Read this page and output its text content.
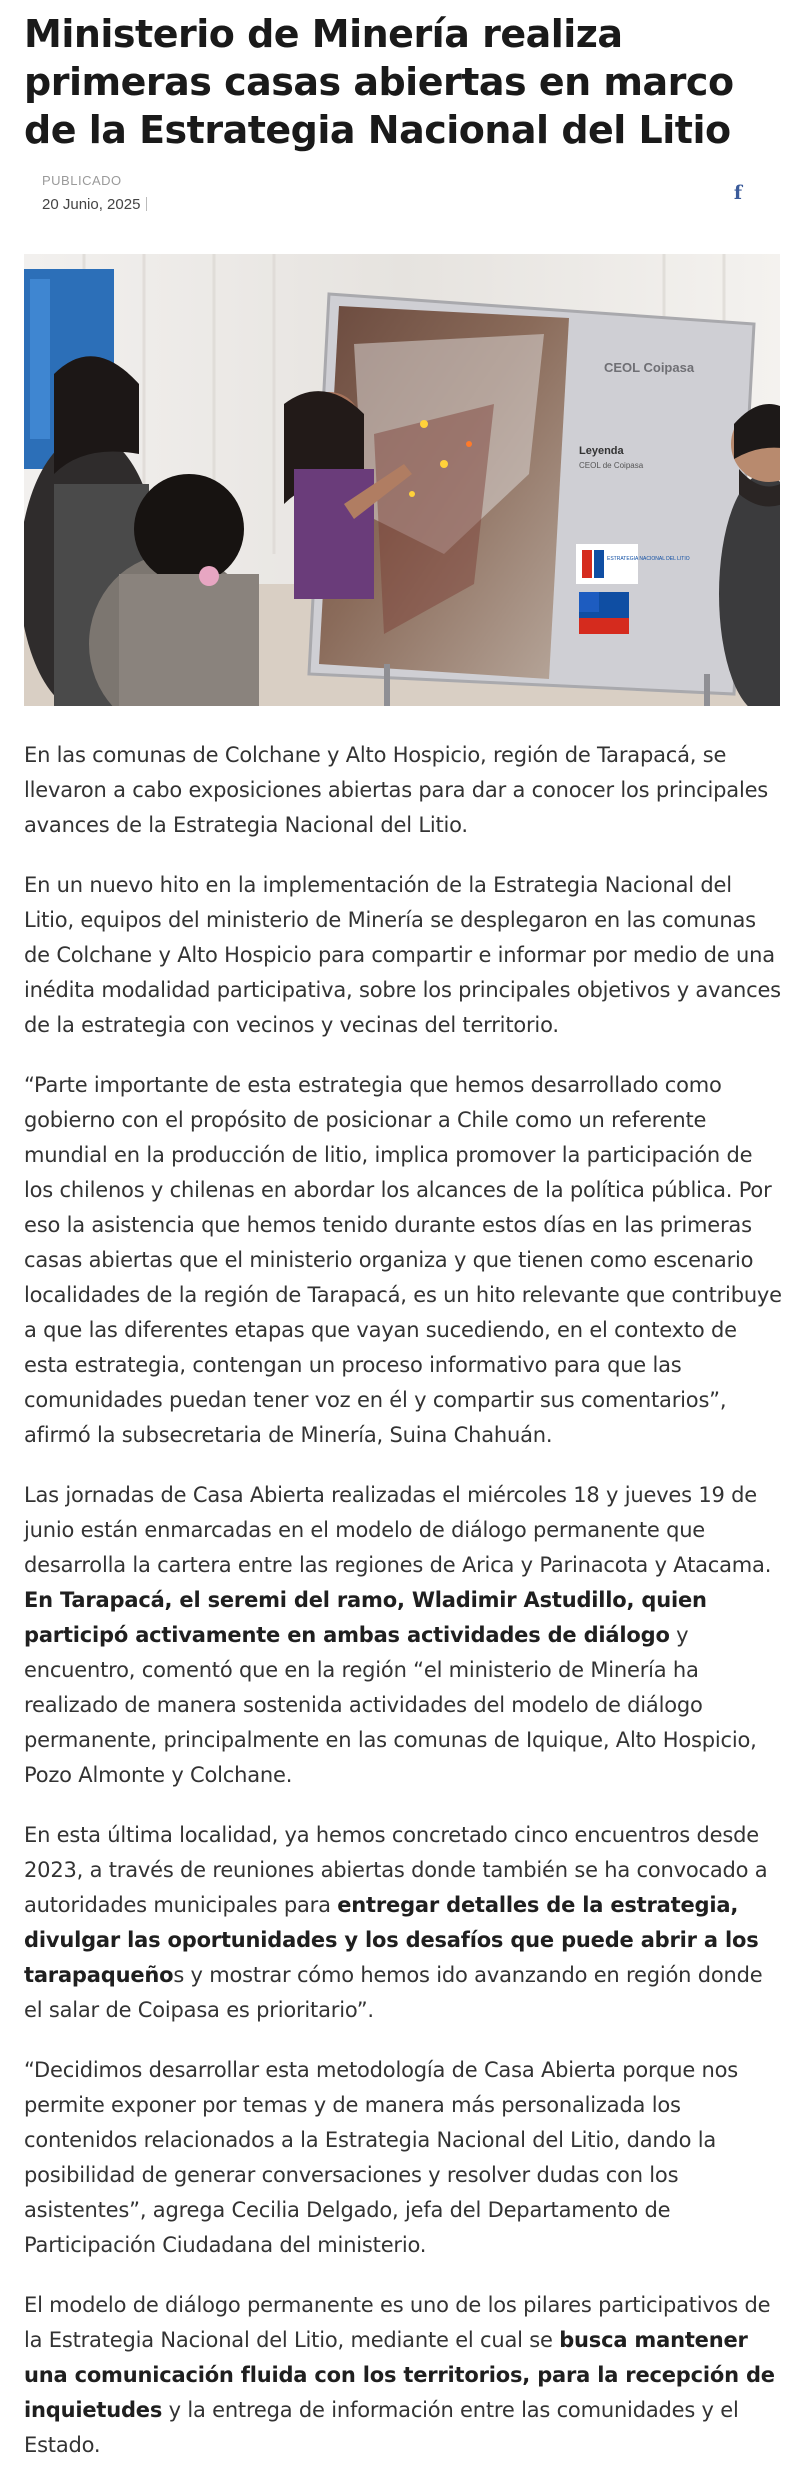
Ministerio de Minería realiza primeras casas abiertas en marco de la Estrategia Nacional del Litio
PUBLICADO
20 Junio, 2025
f
CEOL Coipasa
Leyenda
CEOL de Coipasa
ESTRATEGIA NACIONAL DEL LITIO

En las comunas de Colchane y Alto Hospicio, región de Tarapacá, se llevaron a cabo exposiciones abiertas para dar a conocer los principales avances de la Estrategia Nacional del Litio.

En un nuevo hito en la implementación de la Estrategia Nacional del Litio, equipos del ministerio de Minería se desplegaron en las comunas de Colchane y Alto Hospicio para compartir e informar por medio de una inédita modalidad participativa, sobre los principales objetivos y avances de la estrategia con vecinos y vecinas del territorio.

“Parte importante de esta estrategia que hemos desarrollado como gobierno con el propósito de posicionar a Chile como un referente mundial en la producción de litio, implica promover la participación de los chilenos y chilenas en abordar los alcances de la política pública. Por eso la asistencia que hemos tenido durante estos días en las primeras casas abiertas que el ministerio organiza y que tienen como escenario localidades de la región de Tarapacá, es un hito relevante que contribuye a que las diferentes etapas que vayan sucediendo, en el contexto de esta estrategia, contengan un proceso informativo para que las comunidades puedan tener voz en él y compartir sus comentarios”, afirmó la subsecretaria de Minería, Suina Chahuán.

Las jornadas de Casa Abierta realizadas el miércoles 18 y jueves 19 de junio están enmarcadas en el modelo de diálogo permanente que desarrolla la cartera entre las regiones de Arica y Parinacota y Atacama. En Tarapacá, el seremi del ramo, Wladimir Astudillo, quien participó activamente en ambas actividades de diálogo y encuentro, comentó que en la región “el ministerio de Minería ha realizado de manera sostenida actividades del modelo de diálogo permanente, principalmente en las comunas de Iquique, Alto Hospicio, Pozo Almonte y Colchane.

En esta última localidad, ya hemos concretado cinco encuentros desde 2023, a través de reuniones abiertas donde también se ha convocado a autoridades municipales para entregar detalles de la estrategia, divulgar las oportunidades y los desafíos que puede abrir a los tarapaqueños y mostrar cómo hemos ido avanzando en región donde el salar de Coipasa es prioritario”.

“Decidimos desarrollar esta metodología de Casa Abierta porque nos permite exponer por temas y de manera más personalizada los contenidos relacionados a la Estrategia Nacional del Litio, dando la posibilidad de generar conversaciones y resolver dudas con los asistentes”, agrega Cecilia Delgado, jefa del Departamento de Participación Ciudadana del ministerio.

El modelo de diálogo permanente es uno de los pilares participativos de la Estrategia Nacional del Litio, mediante el cual se busca mantener una comunicación fluida con los territorios, para la recepción de inquietudes y la entrega de información entre las comunidades y el Estado.
